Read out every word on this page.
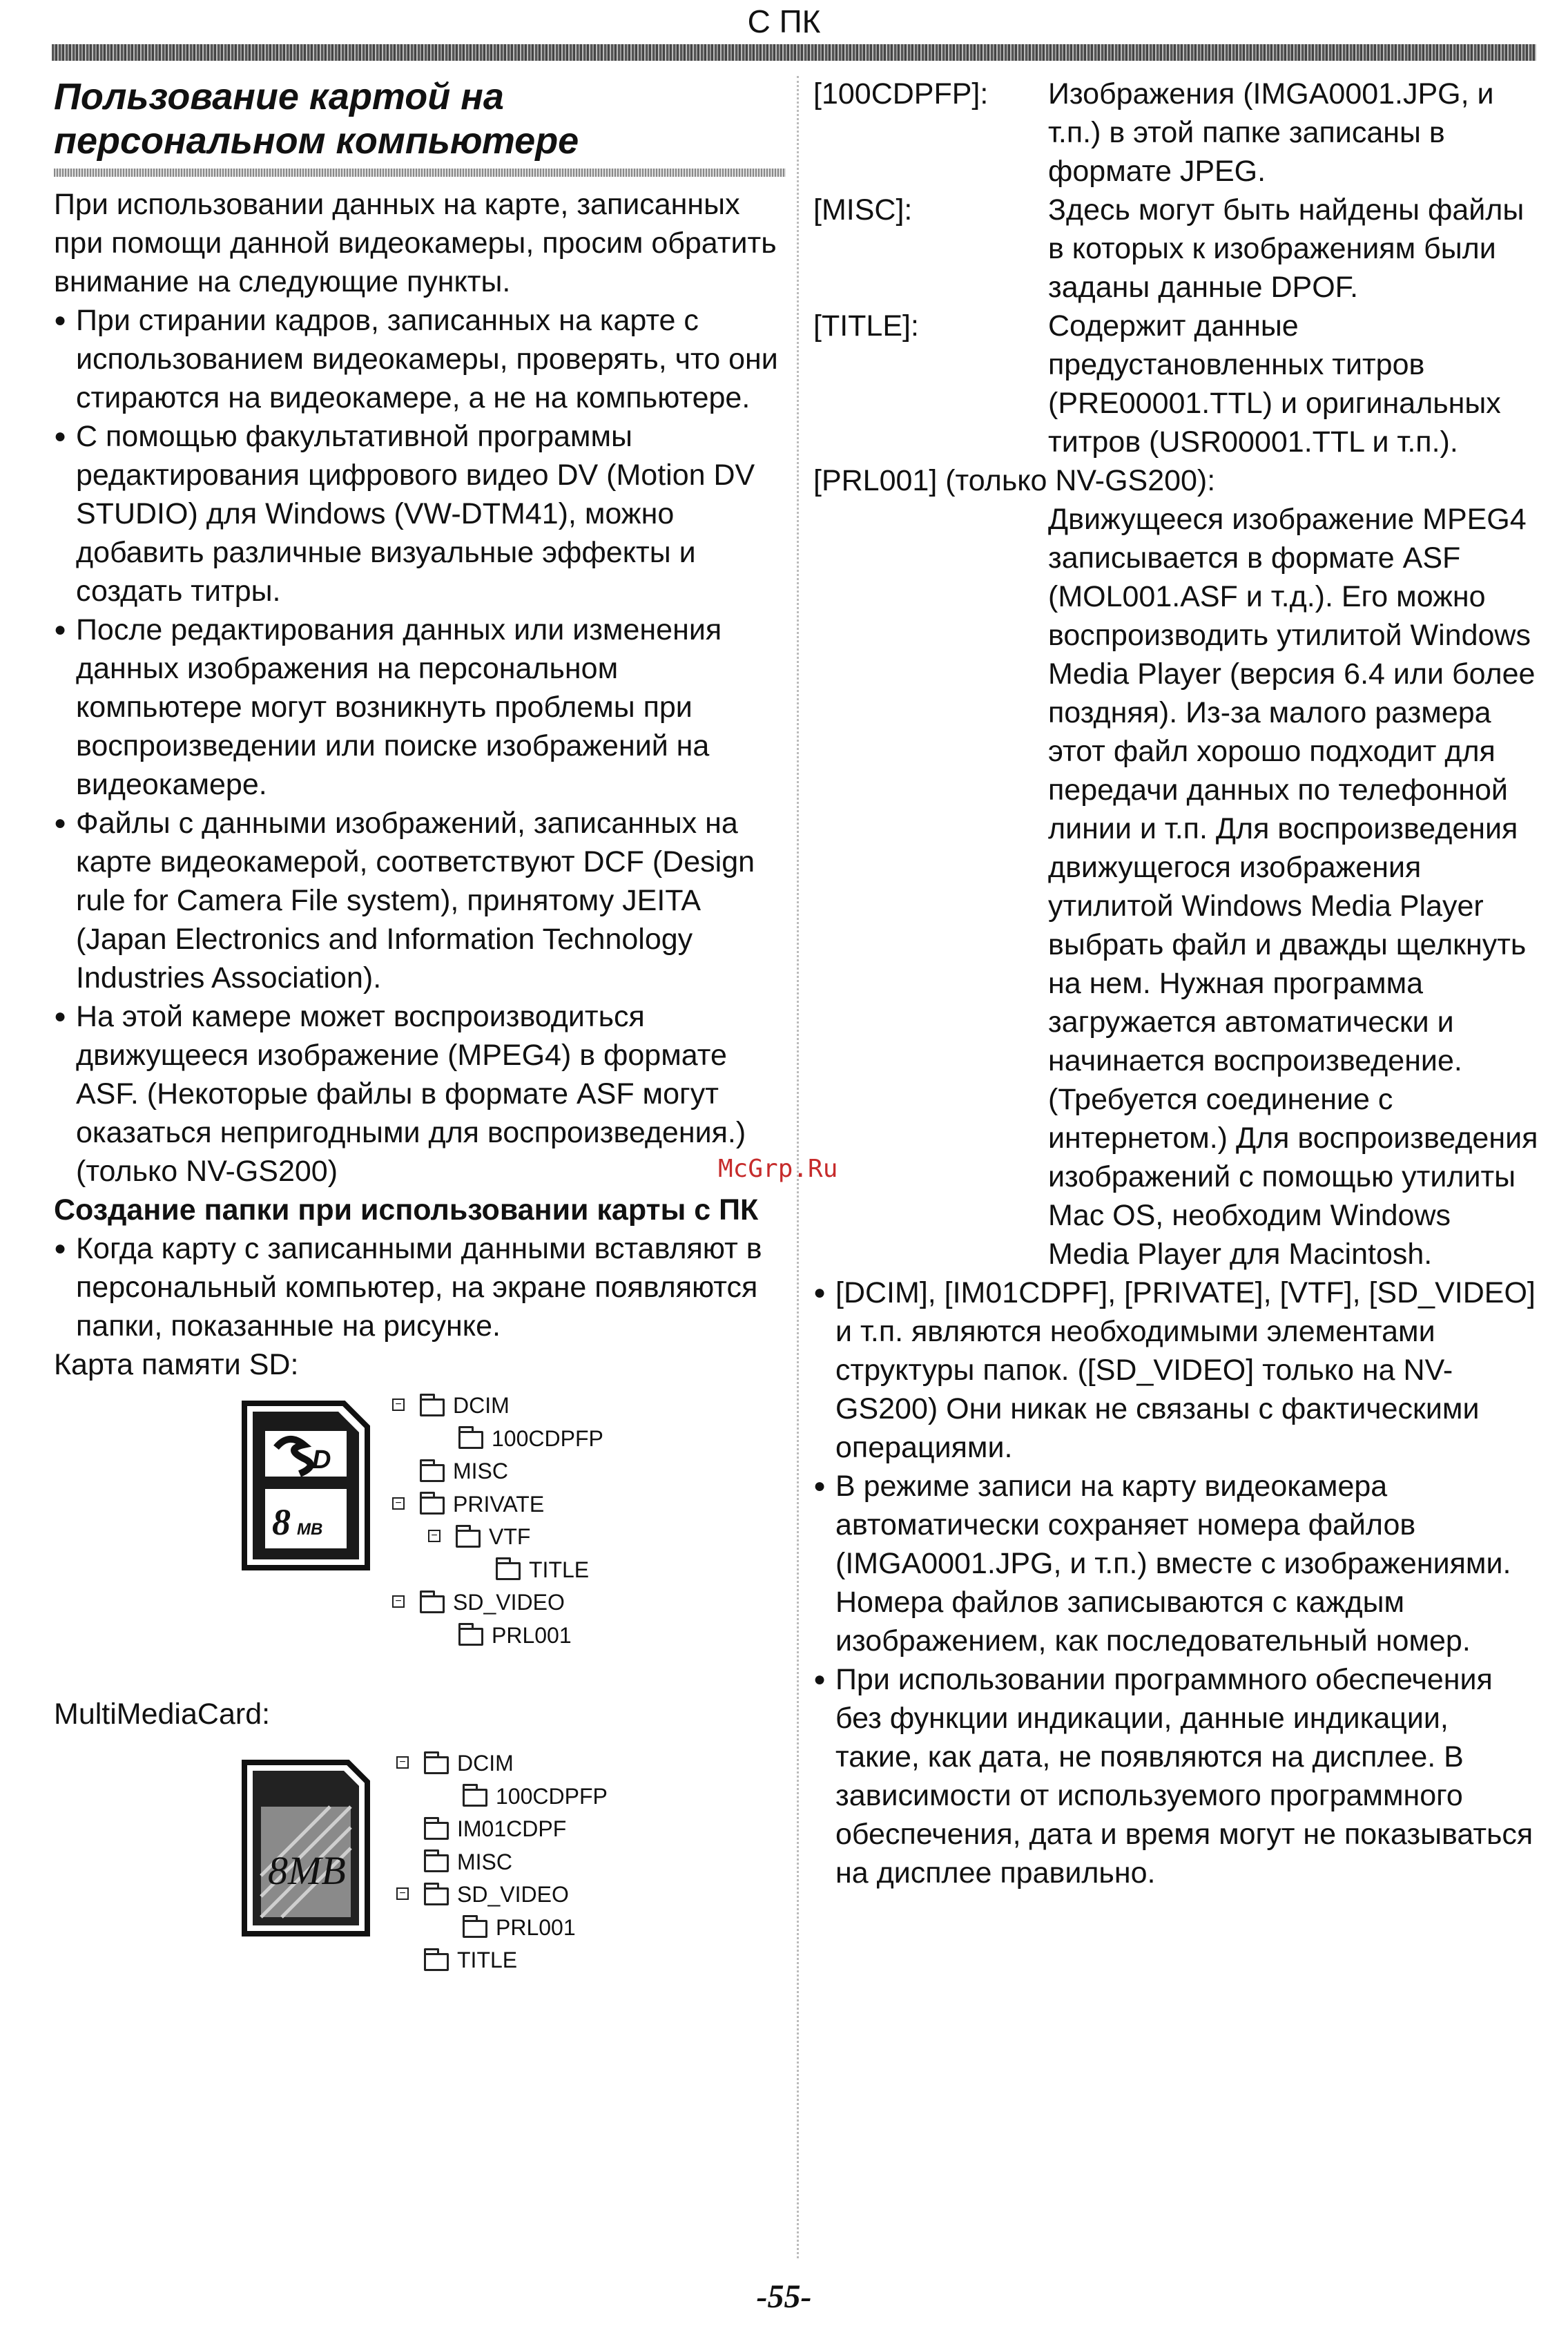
С ПК
Пользование картой на
персональном компьютере

При использовании данных на карте, записанных при помощи данной видеокамеры, просим обратить внимание на следующие пункты.

● При стирании кадров, записанных на карте с использованием видеокамеры, проверять, что они стираются на видеокамере, а не на компьютере.
● С помощью факультативной программы редактирования цифрового видео DV (Motion DV STUDIO) для Windows (VW-DTM41), можно добавить различные визуальные эффекты и создать титры.
● После редактирования данных или изменения данных изображения на персональном компьютере могут возникнуть проблемы при воспроизведении или поиске изображений на видеокамере.
● Файлы с данными изображений, записанных на карте видеокамерой, соответствуют DCF (Design rule for Camera File system), принятому JEITA (Japan Electronics and Information Technology Industries Association).
● На этой камере может воспроизводиться движущееся изображение (MPEG4) в формате ASF. (Некоторые файлы в формате ASF могут оказаться непригодными для воспроизведения.) (только NV-GS200)

Создание папки при использовании карты с ПК

● Когда карту с записанными данными вставляют в персональный компьютер, на экране появляются папки, показанные на рисунке.

Карта памяти SD:

D
8 MB
−	DCIM
100CDPFP
MISC
−	PRIVATE
−	VTF
TITLE
−	SD_VIDEO
PRL001

MultiMediaCard:

8MB
−	DCIM
100CDPFP
IM01CDPF
MISC
−	SD_VIDEO
PRL001
TITLE
McGrp.Ru
[100CDPFP]:	Изображения (IMGA0001.JPG, и т.п.) в этой папке записаны в формате JPEG.
[MISC]:	Здесь могут быть найдены файлы в которых к изображениям были заданы данные DPOF.
[TITLE]:	Содержит данные предустановленных титров (PRE00001.TTL) и оригинальных титров (USR00001.TTL и т.п.).
[PRL001] (только NV-GS200):
Движущееся изображение MPEG4 записывается в формате ASF (MOL001.ASF и т.д.). Его можно воспроизводить утилитой Windows Media Player (версия 6.4 или более поздняя). Из-за малого размера этот файл хорошо подходит для передачи данных по телефонной линии и т.п. Для воспроизведения движущегося изображения утилитой Windows Media Player выбрать файл и дважды щелкнуть на нем. Нужная программа загружается автоматически и начинается воспроизведение. (Требуется соединение с интернетом.) Для воспроизведения изображений с помощью утилиты Mac OS, необходим Windows Media Player для Macintosh.
● [DCIM], [IM01CDPF], [PRIVATE], [VTF], [SD_VIDEO] и т.п. являются необходимыми элементами структуры папок. ([SD_VIDEO] только на NV-GS200) Они никак не связаны с фактическими операциями.
● В режиме записи на карту видеокамера автоматически сохраняет номера файлов (IMGA0001.JPG, и т.п.) вместе с изображениями. Номера файлов записываются с каждым изображением, как последовательный номер.
● При использовании программного обеспечения без функции индикации, данные индикации, такие, как дата, не появляются на дисплее. В зависимости от используемого программного обеспечения, дата и время могут не показываться на дисплее правильно.
-55-
